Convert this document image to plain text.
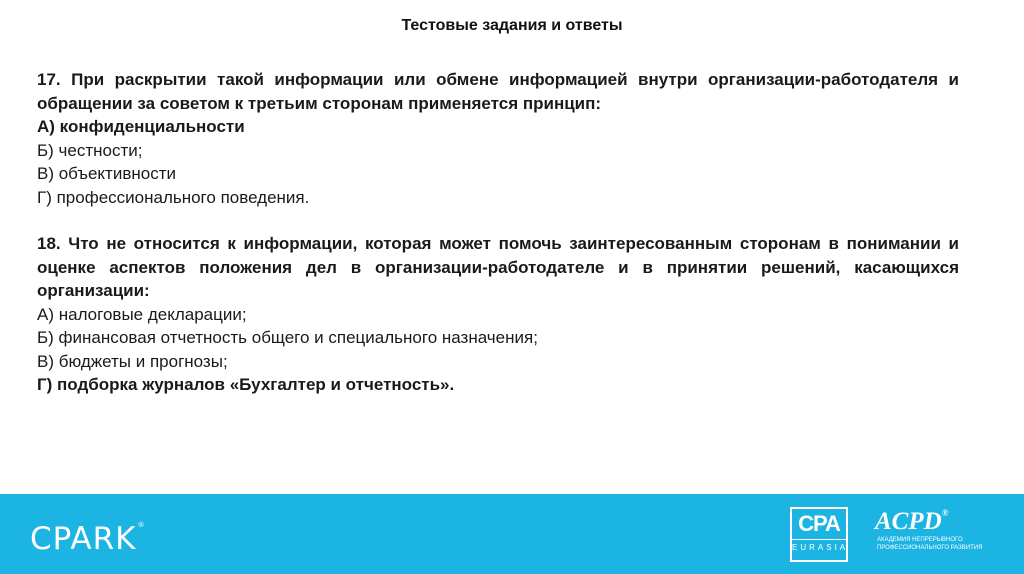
Тестовые задания и ответы
17. При раскрытии такой информации или обмене информацией внутри организации-работодателя и обращении за советом к третьим сторонам применяется принцип:
А) конфиденциальности
Б) честности;
В) объективности
Г) профессионального поведения.
18. Что не относится к информации, которая может помочь заинтересованным сторонам в понимании и оценке аспектов положения дел в организации-работодателе и в принятии решений, касающихся организации:
А) налоговые декларации;
Б) финансовая отчетность общего и специального назначения;
В) бюджеты и прогнозы;
Г) подборка журналов «Бухгалтер и отчетность».
CPARK®	CPA
EURASIA
ACPD®
АКАДЕМИЯ НЕПРЕРЫВНОГО
ПРОФЕССИОНАЛЬНОГО РАЗВИТИЯ
